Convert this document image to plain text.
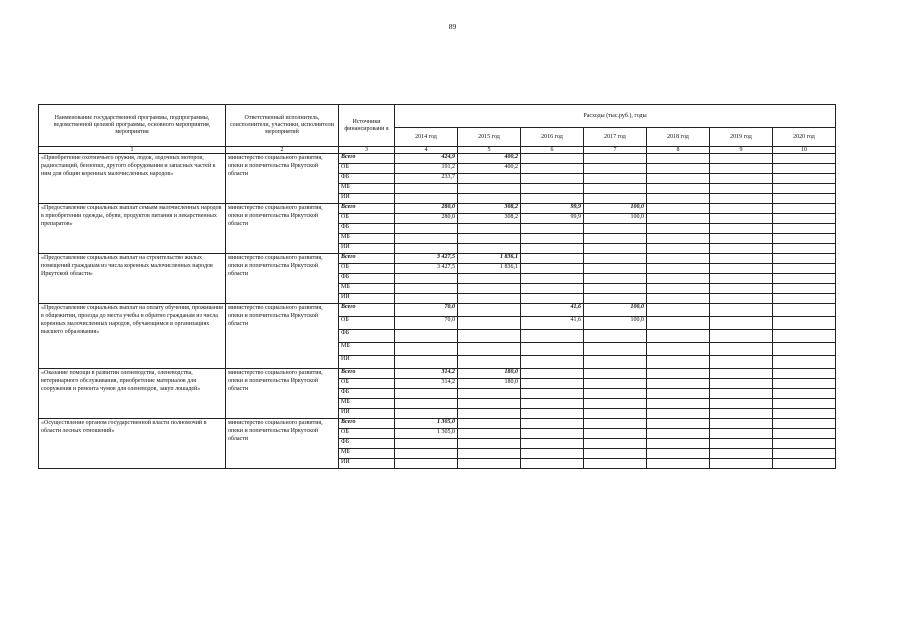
89
Наименование государственной программы, подпрограммы, ведомственной целевой программы, основного мероприятия, мероприятия	Ответственный исполнитель, соисполнители, участники, исполнители мероприятий	Источники финансировани я	Расходы (тыс.руб.), годы						
			2014 год	2015 год	2016 год	2017 год	2018 год	2019 год	2020 год
1	2	3	4	5	6	7	8	9	10
«Приобретение охотничьего оружия, лодок, лодочных моторов, радиостанций, бензопил, другого оборудования и запасных частей к ним для общин коренных малочисленных народов»	министерство социального развития, опеки и попечительства Иркутской области	Всего	424,9	400,2					
		ОБ	191,2	400,2					
		ФБ	233,7						
		МБ							
		ИИ							
«Предоставление социальных выплат семьям малочисленных народов в приобретении одежды, обуви, продуктов питания и лекарственных препаратов»	министерство социального развития, опеки и попечительства Иркутской области	Всего	280,0	308,2	99,9	100,0			
		ОБ	280,0	308,2	99,9	100,0			
		ФБ							
		МБ							
		ИИ							
«Предоставление социальных выплат на строительство жилых помещений гражданам из числа коренных малочисленных народов Иркутской области»	министерство социального развития, опеки и попечительства Иркутской области	Всего	3 427,5	1 836,1					
		ОБ	3 427,5	1 836,1					
		ФБ							
		МБ							
		ИИ							
«Предоставление социальных выплат на оплату обучения, проживания в общежитии, проезда до места учебы и обратно гражданам из числа коренных малочисленных народов, обучающимся в организациях высшего образования»	министерство социального развития, опеки и попечительства Иркутской области	Всего	70,0		41,6	100,0			
		ОБ	70,0		41,6	100,0			
		ФБ							
		МБ							
		ИИ							
«Оказание помощи в развитии оленеводства, оленеводства, ветеринарного обслуживания, приобретение материалов для сооружения и ремонта чумов для оленеводов, закуп лошадей»	министерство социального развития, опеки и попечительства Иркутской области	Всего	314,2	180,0					
		ОБ	314,2	180,0					
		ФБ							
		МБ							
		ИИ							
«Осуществление органом государственной власти полномочий в области лесных отношений»	министерство социального развития, опеки и попечительства Иркутской области	Всего	1 305,0						
		ОБ	1 305,0						
		ФБ							
		МБ							
		ИИ							
